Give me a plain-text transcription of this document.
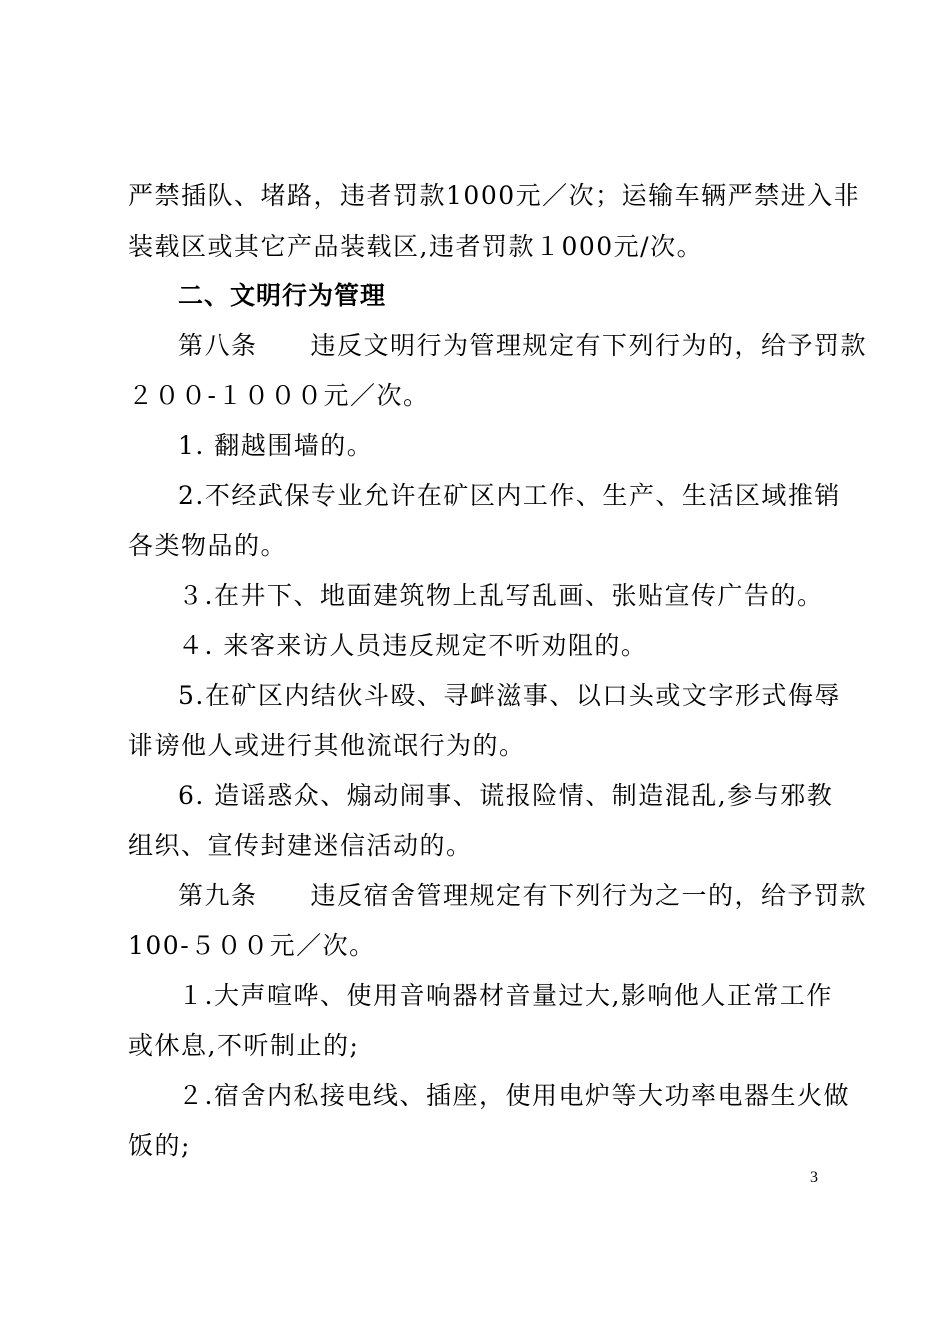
严禁插队、堵路，违者罚款1000元／次；运输车辆严禁进入非
装载区或其它产品装载区,违者罚款１000元/次。
二、文明行为管理
第八条　　违反文明行为管理规定有下列行为的，给予罚款
２００-１０００元／次。
1. 翻越围墙的。
2.不经武保专业允许在矿区内工作、生产、生活区域推销
各类物品的。
３.在井下、地面建筑物上乱写乱画、张贴宣传广告的。
４. 来客来访人员违反规定不听劝阻的。
5.在矿区内结伙斗殴、寻衅滋事、以口头或文字形式侮辱
诽谤他人或进行其他流氓行为的。
6. 造谣惑众、煽动闹事、谎报险情、制造混乱,参与邪教
组织、宣传封建迷信活动的。
第九条　　违反宿舍管理规定有下列行为之一的，给予罚款
100-５００元／次。
１.大声喧哗、使用音响器材音量过大,影响他人正常工作
或休息,不听制止的;
２.宿舍内私接电线、插座，使用电炉等大功率电器生火做
饭的;
3
